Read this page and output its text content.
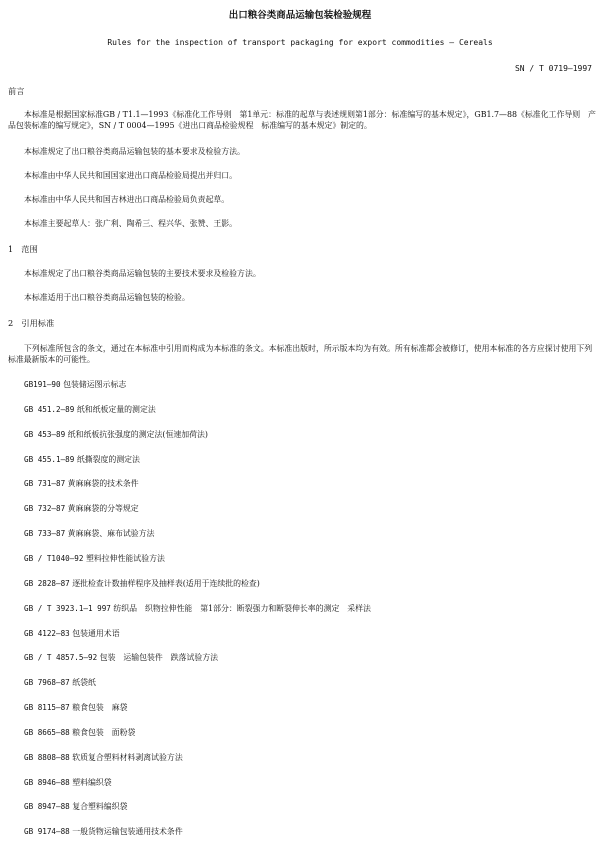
出口粮谷类商品运输包装检验规程
Rules for the inspection of transport packaging for export commodities — Cereals
SN / T 0719—1997
前言
本标准是根据国家标准GB / T1.1—1993《标准化工作导则　第1单元：标准的起草与表述规则第1部分：标准编写的基本规定》，GB1.7—88《标准化工作导则　产品包装标准的编写规定》，SN / T 0004—1995《进出口商品检验规程　标准编写的基本规定》制定的。
本标准规定了出口粮谷类商品运输包装的基本要求及检验方法。
本标准由中华人民共和国国家进出口商品检验局提出并归口。
本标准由中华人民共和国吉林进出口商品检验局负责起草。
本标准主要起草人：张广利、陶希三、程兴华、张赞、王影。
1　范围
本标准规定了出口粮谷类商品运输包装的主要技术要求及检验方法。
本标准适用于出口粮谷类商品运输包装的检验。
2　引用标准
下列标准所包含的条文，通过在本标准中引用而构成为本标准的条文。本标准出版时，所示版本均为有效。所有标准都会被修订，使用本标准的各方应探讨使用下列标准最新版本的可能性。
GB191—90 包装储运图示标志
GB 451.2—89 纸和纸板定量的测定法
GB 453—89 纸和纸板抗张强度的测定法(恒速加荷法)
GB 455.1—89 纸撕裂度的测定法
GB 731—87 黄麻麻袋的技术条件
GB 732—87 黄麻麻袋的分等规定
GB 733—87 黄麻麻袋、麻布试验方法
GB / T1040—92 塑料拉伸性能试验方法
GB 2828—87 逐批检查计数抽样程序及抽样表(适用于连续批的检查)
GB / T 3923.1—1 997 纺织品　织物拉伸性能　第1部分：断裂强力和断裂伸长率的测定　采样法
GB 4122—83 包装通用术语
GB / T 4857.5—92 包装　运输包装件　跌落试验方法
GB 7968—87 纸袋纸
GB 8115—87 粮食包装　麻袋
GB 8665—88 粮食包装　面粉袋
GB 8808—88 软质复合塑料材料剥离试验方法
GB 8946—88 塑料编织袋
GB 8947—88 复合塑料编织袋
GB 9174—88 一般货物运输包装通用技术条件
